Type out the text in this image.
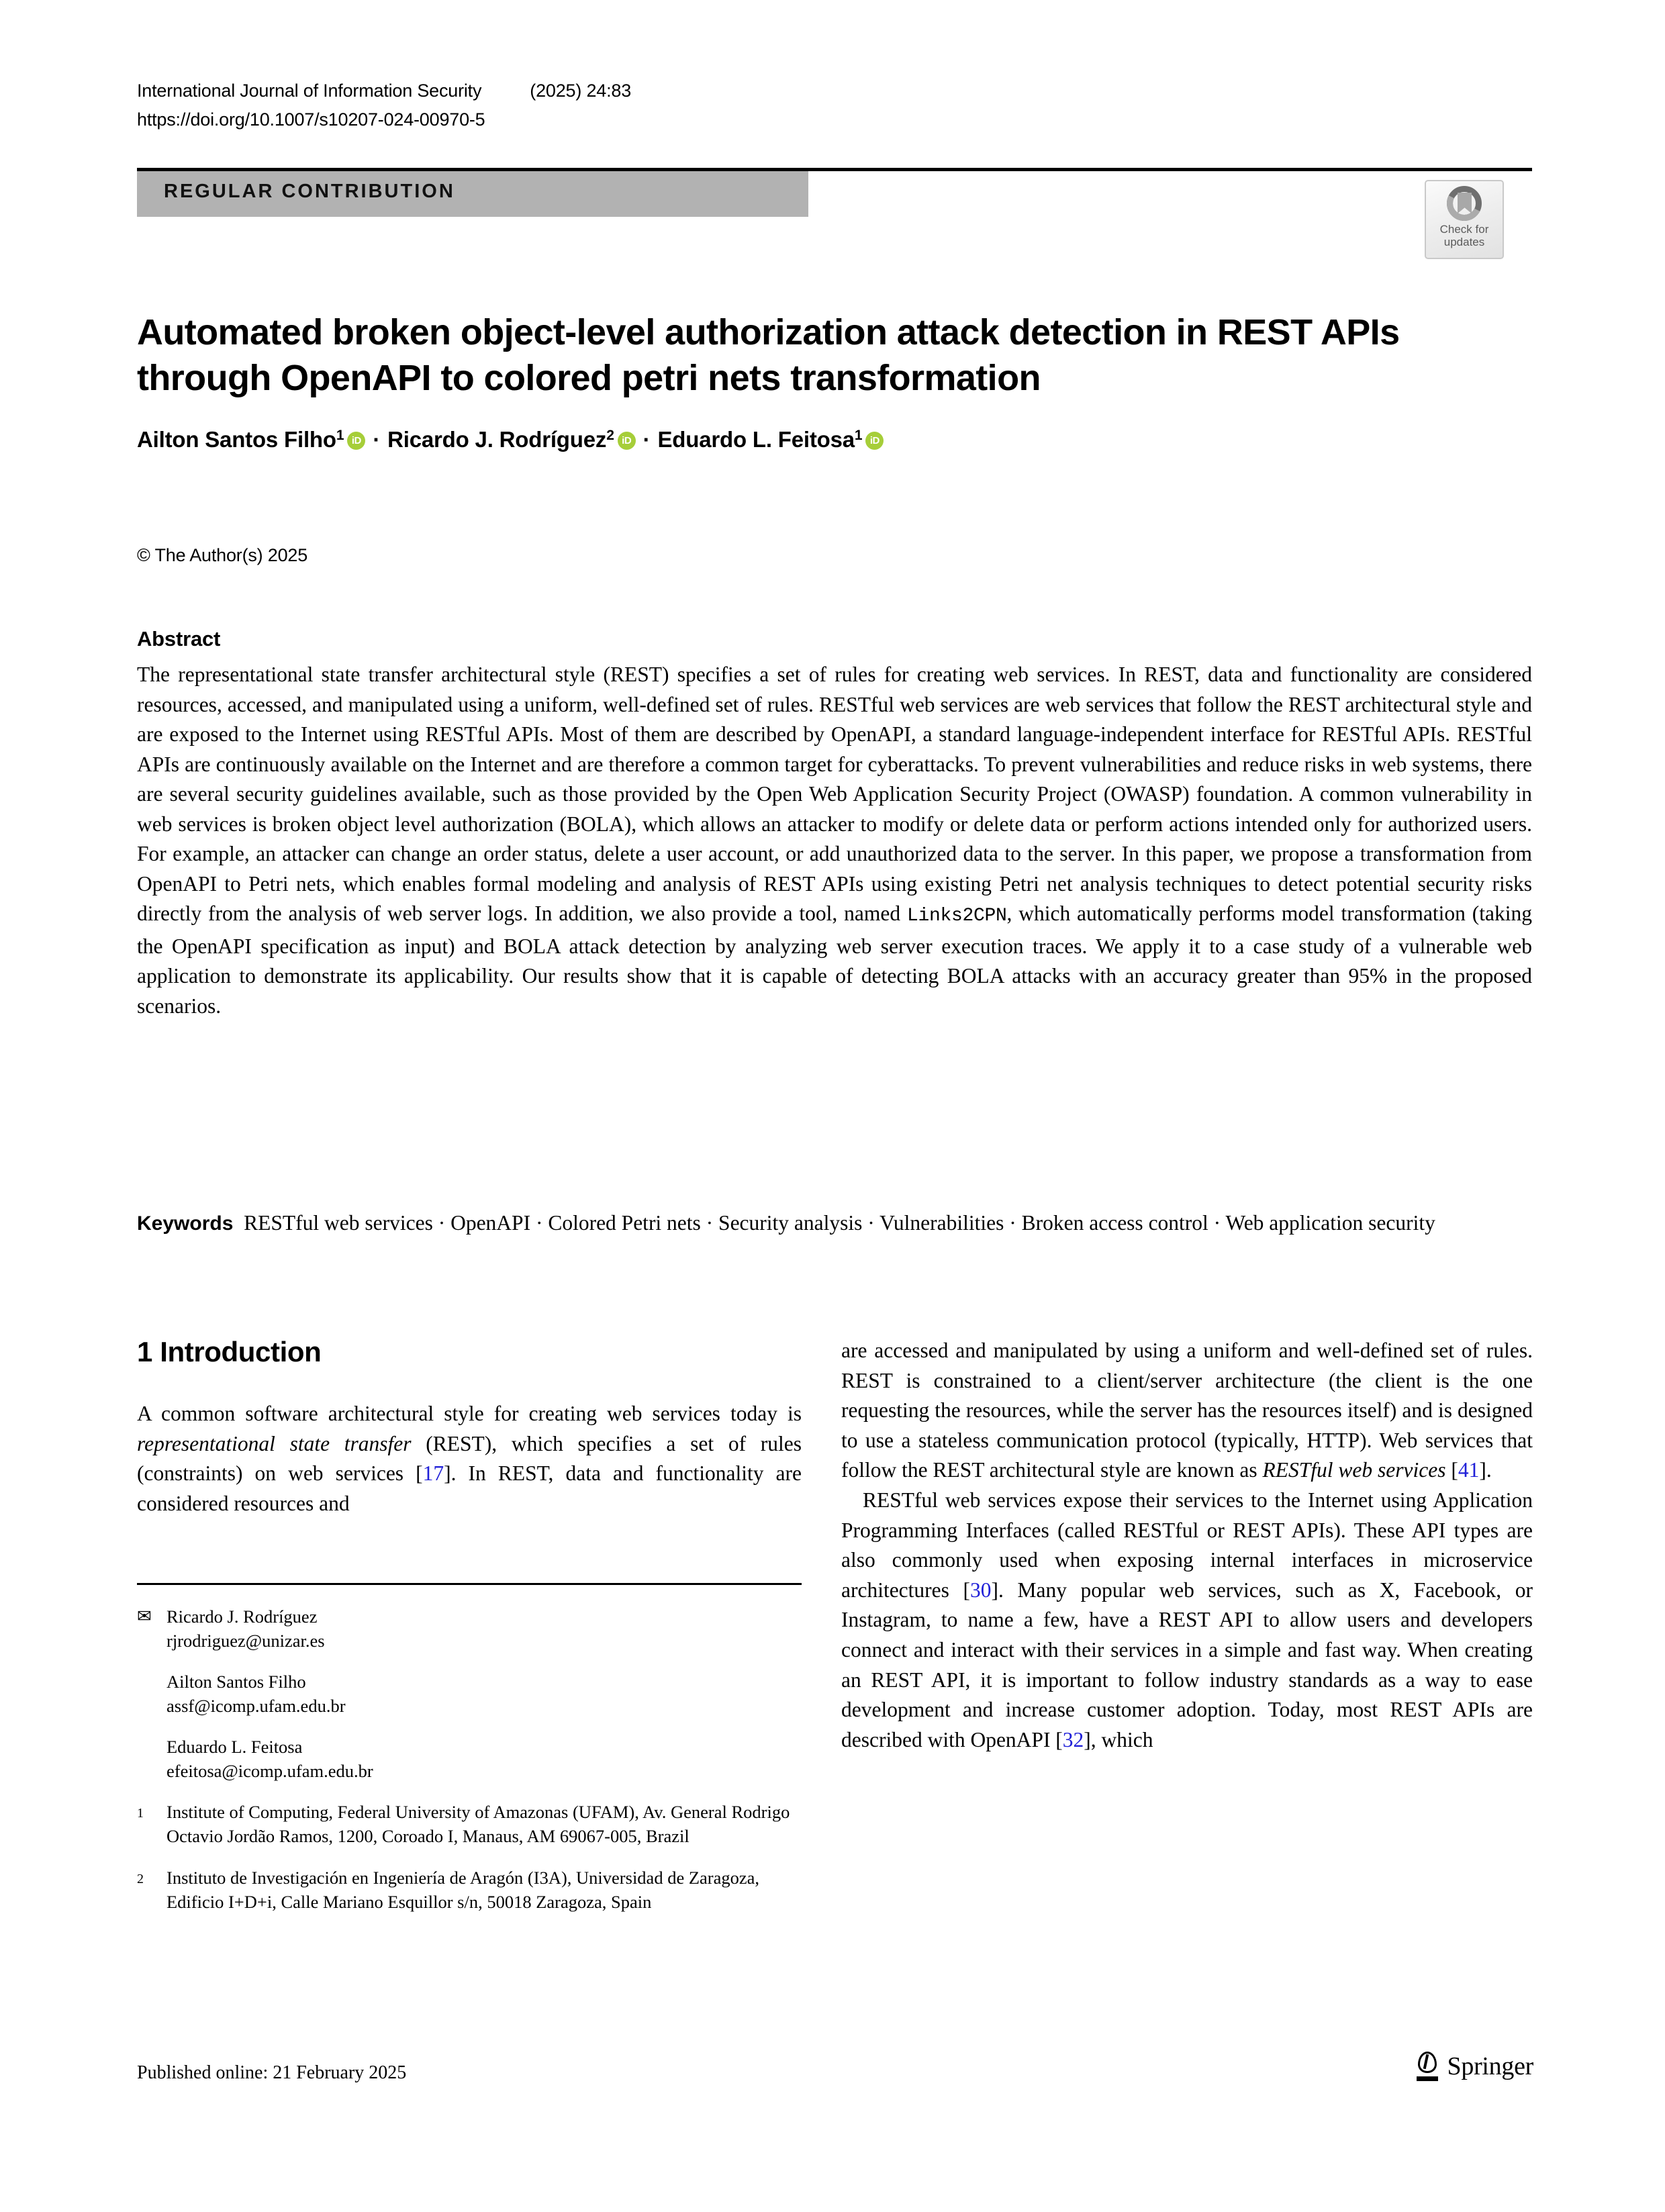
International Journal of Information Security	(2025) 24:83
https://doi.org/10.1007/s10207-024-00970-5
REGULAR CONTRIBUTION
Check for
updates
Automated broken object-level authorization attack detection in REST APIs through OpenAPI to colored petri nets transformation
Ailton Santos Filho 1 iD · Ricardo J. Rodríguez 2 iD · Eduardo L. Feitosa 1
iD
© The Author(s) 2025
Abstract
The representational state transfer architectural style (REST) specifies a set of rules for creating web services. In REST, data and functionality are considered resources, accessed, and manipulated using a uniform, well-defined set of rules. RESTful web services are web services that follow the REST architectural style and are exposed to the Internet using RESTful APIs. Most of them are described by OpenAPI, a standard language-independent interface for RESTful APIs. RESTful APIs are continuously available on the Internet and are therefore a common target for cyberattacks. To prevent vulnerabilities and reduce risks in web systems, there are several security guidelines available, such as those provided by the Open Web Application Security Project (OWASP) foundation. A common vulnerability in web services is broken object level authorization (BOLA), which allows an attacker to modify or delete data or perform actions intended only for authorized users. For example, an attacker can change an order status, delete a user account, or add unauthorized data to the server. In this paper, we propose a transformation from OpenAPI to Petri nets, which enables formal modeling and analysis of REST APIs using existing Petri net analysis techniques to detect potential security risks directly from the analysis of web server logs. In addition, we also provide a tool, named Links2CPN, which automatically performs model transformation (taking the OpenAPI specification as input) and BOLA attack detection by analyzing web server execution traces. We apply it to a case study of a vulnerable web application to demonstrate its applicability. Our results show that it is capable of detecting BOLA attacks with an accuracy greater than 95% in the proposed scenarios.
Keywords RESTful web services · OpenAPI · Colored Petri nets · Security analysis · Vulnerabilities · Broken access control · Web application security
1 Introduction

A common software architectural style for creating web services today is representational state transfer (REST), which specifies a set of rules (constraints) on web services [17]. In REST, data and functionality are considered resources and

are accessed and manipulated by using a uniform and well-defined set of rules. REST is constrained to a client/server architecture (the client is the one requesting the resources, while the server has the resources itself) and is designed to use a stateless communication protocol (typically, HTTP). Web services that follow the REST architectural style are known as RESTful web services [41].

RESTful web services expose their services to the Internet using Application Programming Interfaces (called RESTful or REST APIs). These API types are also commonly used when exposing internal interfaces in microservice architectures [30]. Many popular web services, such as X, Facebook, or Instagram, to name a few, have a REST API to allow users and developers connect and interact with their services in a simple and fast way. When creating an REST API, it is important to follow industry standards as a way to ease development and increase customer adoption. Today, most REST APIs are described with OpenAPI [32], which

✉ Ricardo J. Rodríguez
rjrodriguez@unizar.es
Ailton Santos Filho
assf@icomp.ufam.edu.br
Eduardo L. Feitosa
efeitosa@icomp.ufam.edu.br
1	Institute of Computing, Federal University of Amazonas (UFAM), Av. General Rodrigo Octavio Jordão Ramos, 1200, Coroado I, Manaus, AM 69067-005, Brazil
2	Instituto de Investigación en Ingeniería de Aragón (I3A), Universidad de Zaragoza, Edificio I+D+i, Calle Mariano Esquillor s/n, 50018 Zaragoza, Spain
Published online: 21 February 2025	Springer
